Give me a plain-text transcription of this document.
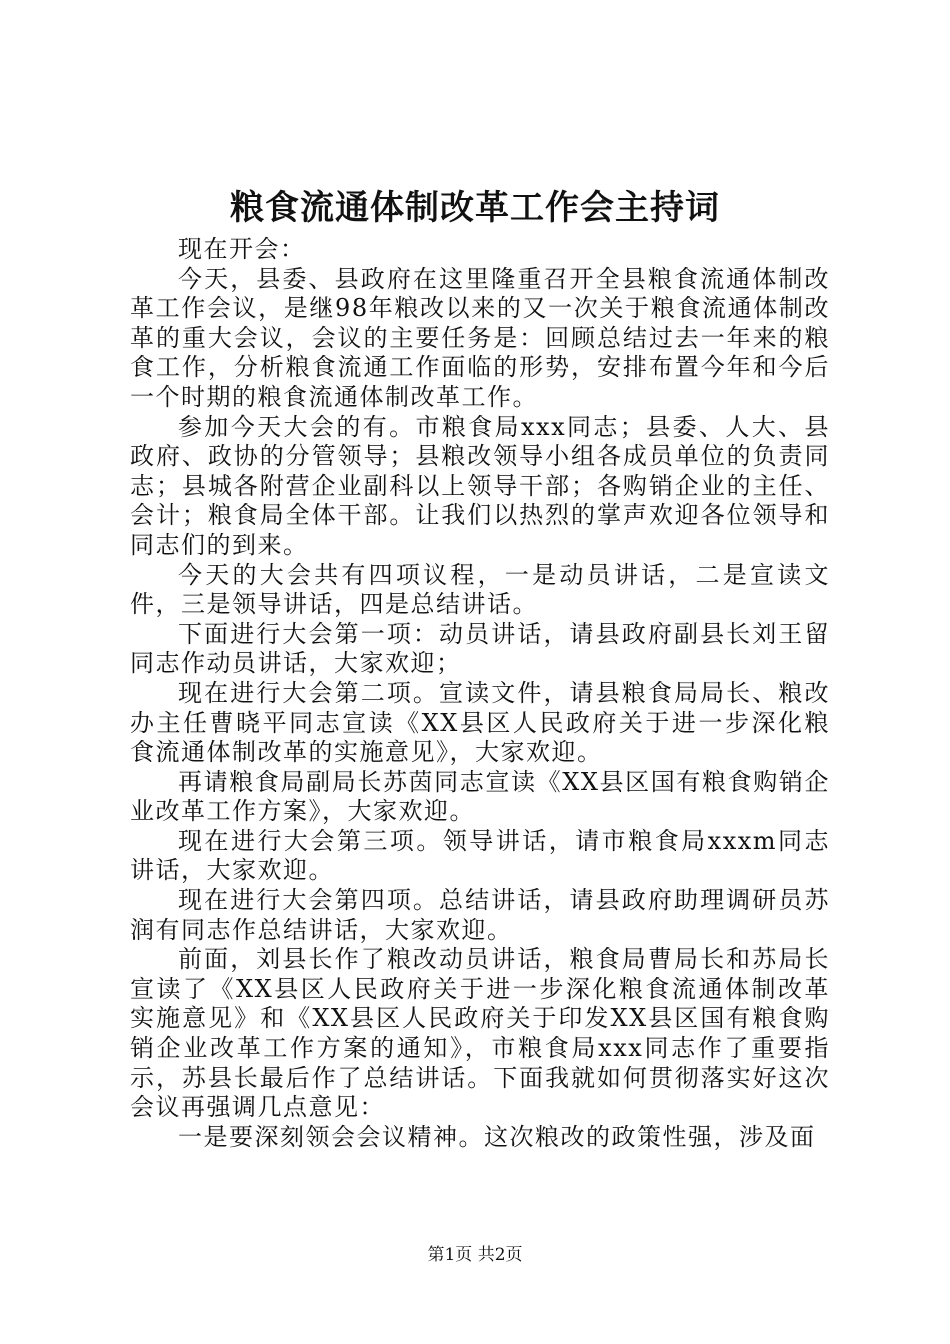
粮食流通体制改革工作会主持词

现在开会：

今天，县委、县政府在这里隆重召开全县粮食流通体制改革工作会议，是继98年粮改以来的又一次关于粮食流通体制改革的重大会议，会议的主要任务是：回顾总结过去一年来的粮食工作，分析粮食流通工作面临的形势，安排布置今年和今后一个时期的粮食流通体制改革工作。

参加今天大会的有。市粮食局xxx同志；县委、人大、县政府、政协的分管领导；县粮改领导小组各成员单位的负责同志；县城各附营企业副科以上领导干部；各购销企业的主任、会计；粮食局全体干部。让我们以热烈的掌声欢迎各位领导和同志们的到来。

今天的大会共有四项议程，一是动员讲话，二是宣读文件，三是领导讲话，四是总结讲话。

下面进行大会第一项：动员讲话，请县政府副县长刘王留同志作动员讲话，大家欢迎；

现在进行大会第二项。宣读文件，请县粮食局局长、粮改办主任曹晓平同志宣读《XX县区人民政府关于进一步深化粮食流通体制改革的实施意见》，大家欢迎。

再请粮食局副局长苏茵同志宣读《XX县区国有粮食购销企业改革工作方案》，大家欢迎。

现在进行大会第三项。领导讲话，请市粮食局xxxm同志讲话，大家欢迎。

现在进行大会第四项。总结讲话，请县政府助理调研员苏润有同志作总结讲话，大家欢迎。

前面，刘县长作了粮改动员讲话，粮食局曹局长和苏局长宣读了《XX县区人民政府关于进一步深化粮食流通体制改革实施意见》和《XX县区人民政府关于印发XX县区国有粮食购销企业改革工作方案的通知》，市粮食局xxx同志作了重要指示，苏县长最后作了总结讲话。下面我就如何贯彻落实好这次会议再强调几点意见：

一是要深刻领会会议精神。这次粮改的政策性强，涉及面

第1页 共2页
